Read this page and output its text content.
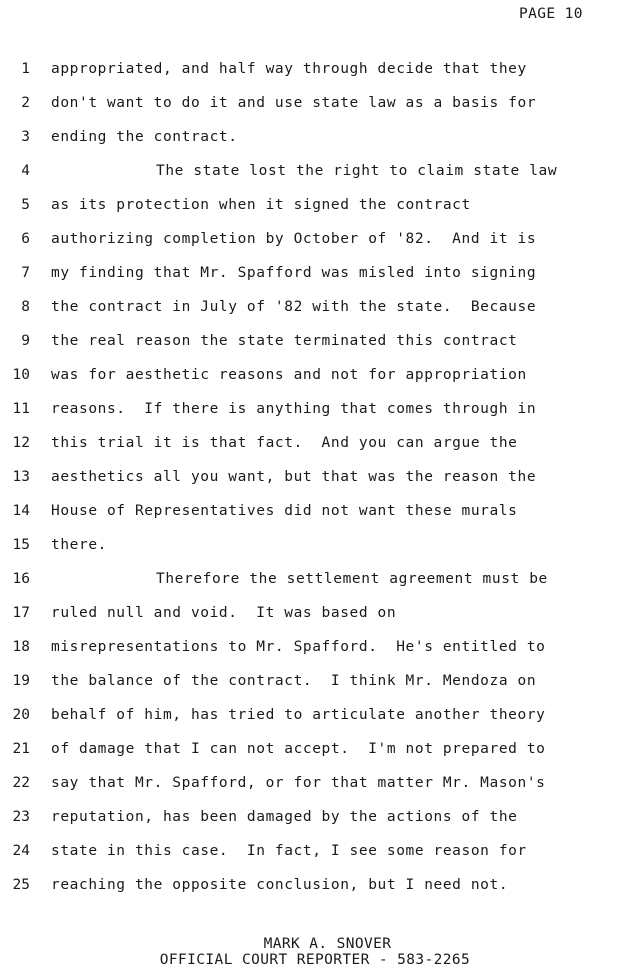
PAGE 10
1 appropriated, and half way through decide that they
2 don't want to do it and use state law as a basis for
3 ending the contract.
4	The state lost the right to claim state law
5 as its protection when it signed the contract
6 authorizing completion by October of '82.  And it is
7 my finding that Mr. Spafford was misled into signing
8 the contract in July of '82 with the state.  Because
9 the real reason the state terminated this contract
10 was for aesthetic reasons and not for appropriation
11 reasons.  If there is anything that comes through in
12 this trial it is that fact.  And you can argue the
13 aesthetics all you want, but that was the reason the
14 House of Representatives did not want these murals
15 there.
16	Therefore the settlement agreement must be
17 ruled null and void.  It was based on
18 misrepresentations to Mr. Spafford.  He's entitled to
19 the balance of the contract.  I think Mr. Mendoza on
20 behalf of him, has tried to articulate another theory
21 of damage that I can not accept.  I'm not prepared to
22 say that Mr. Spafford, or for that matter Mr. Mason's
23 reputation, has been damaged by the actions of the
24 state in this case.  In fact, I see some reason for
25 reaching the opposite conclusion, but I need not.
MARK A. SNOVER
OFFICIAL COURT REPORTER - 583-2265
